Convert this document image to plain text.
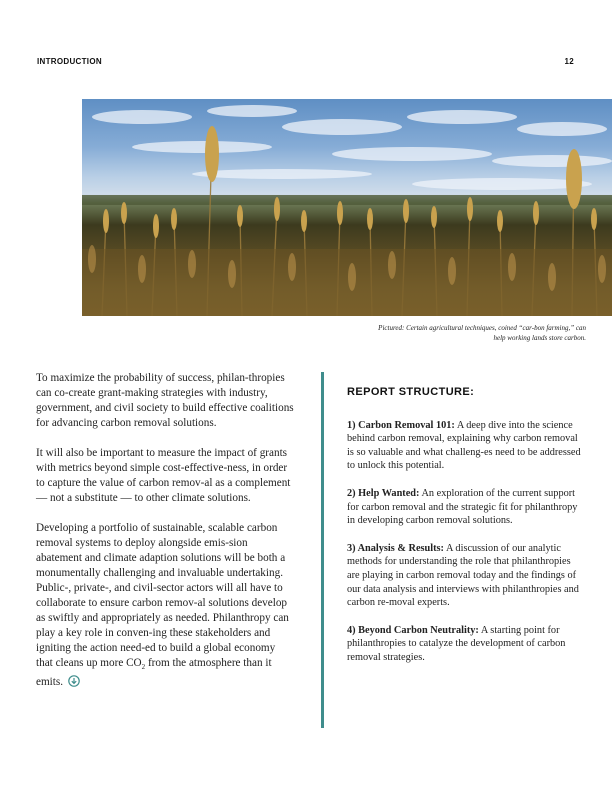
INTRODUCTION	12
Pictured: Certain agricultural techniques, coined “car-bon farming,” can help working lands store carbon.

To maximize the probability of success, philan-thropies can co-create grant-making strategies with industry, government, and civil society to build effective coalitions for advancing carbon removal solutions.

It will also be important to measure the impact of grants with metrics beyond simple cost-effective-ness, in order to capture the value of carbon remov-al as a complement — not a substitute — to other climate solutions.

Developing a portfolio of sustainable, scalable carbon removal systems to deploy alongside emis-sion abatement and climate adaption solutions will be both a monumentally challenging and invaluable undertaking. Public-, private-, and civil-sector actors will all have to collaborate to ensure carbon remov-al solutions develop as swiftly and appropriately as needed. Philanthropy can play a key role in conven-ing these stakeholders and igniting the action need-ed to build a global economy that cleans up more $CO_2$ from the atmosphere than it emits.

REPORT STRUCTURE:

1) Carbon Removal 101: A deep dive into the science behind carbon removal, explaining why carbon removal is so valuable and what challeng-es need to be addressed to unlock this potential.

2) Help Wanted: An exploration of the current support for carbon removal and the strategic fit for philanthropy in developing carbon removal solutions.

3) Analysis & Results: A discussion of our analytic methods for understanding the role that philanthropies are playing in carbon removal today and the findings of our data analysis and interviews with philanthropies and carbon re-moval experts.

4) Beyond Carbon Neutrality: A starting point for philanthropies to catalyze the development of carbon removal strategies.
